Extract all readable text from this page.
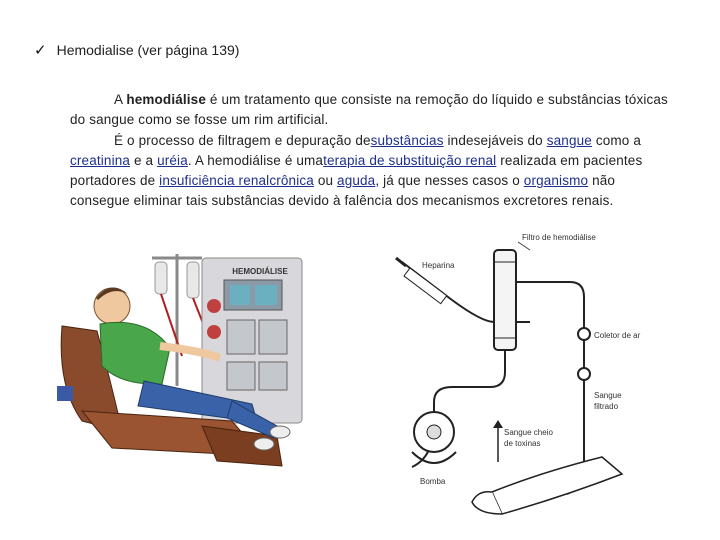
✓ Hemodialise (ver página 139)
A hemodiálise é um tratamento que consiste na remoção do líquido e substâncias tóxicas do sangue como se fosse um rim artificial.
É o processo de filtragem e depuração desubstâncias indesejáveis do sangue como a creatinina e a uréia. A hemodiálise é umaterapia de substituição renal realizada em pacientes portadores de insuficiência renalcrônica ou aguda, já que nesses casos o organismo não consegue eliminar tais substâncias devido à falência dos mecanismos excretores renais.
HEMODIÁLISE
Filtro de hemodiálise
Heparina
Bomba
Coletor de ar
Sangue
filtrado
Sangue cheio
de toxinas
